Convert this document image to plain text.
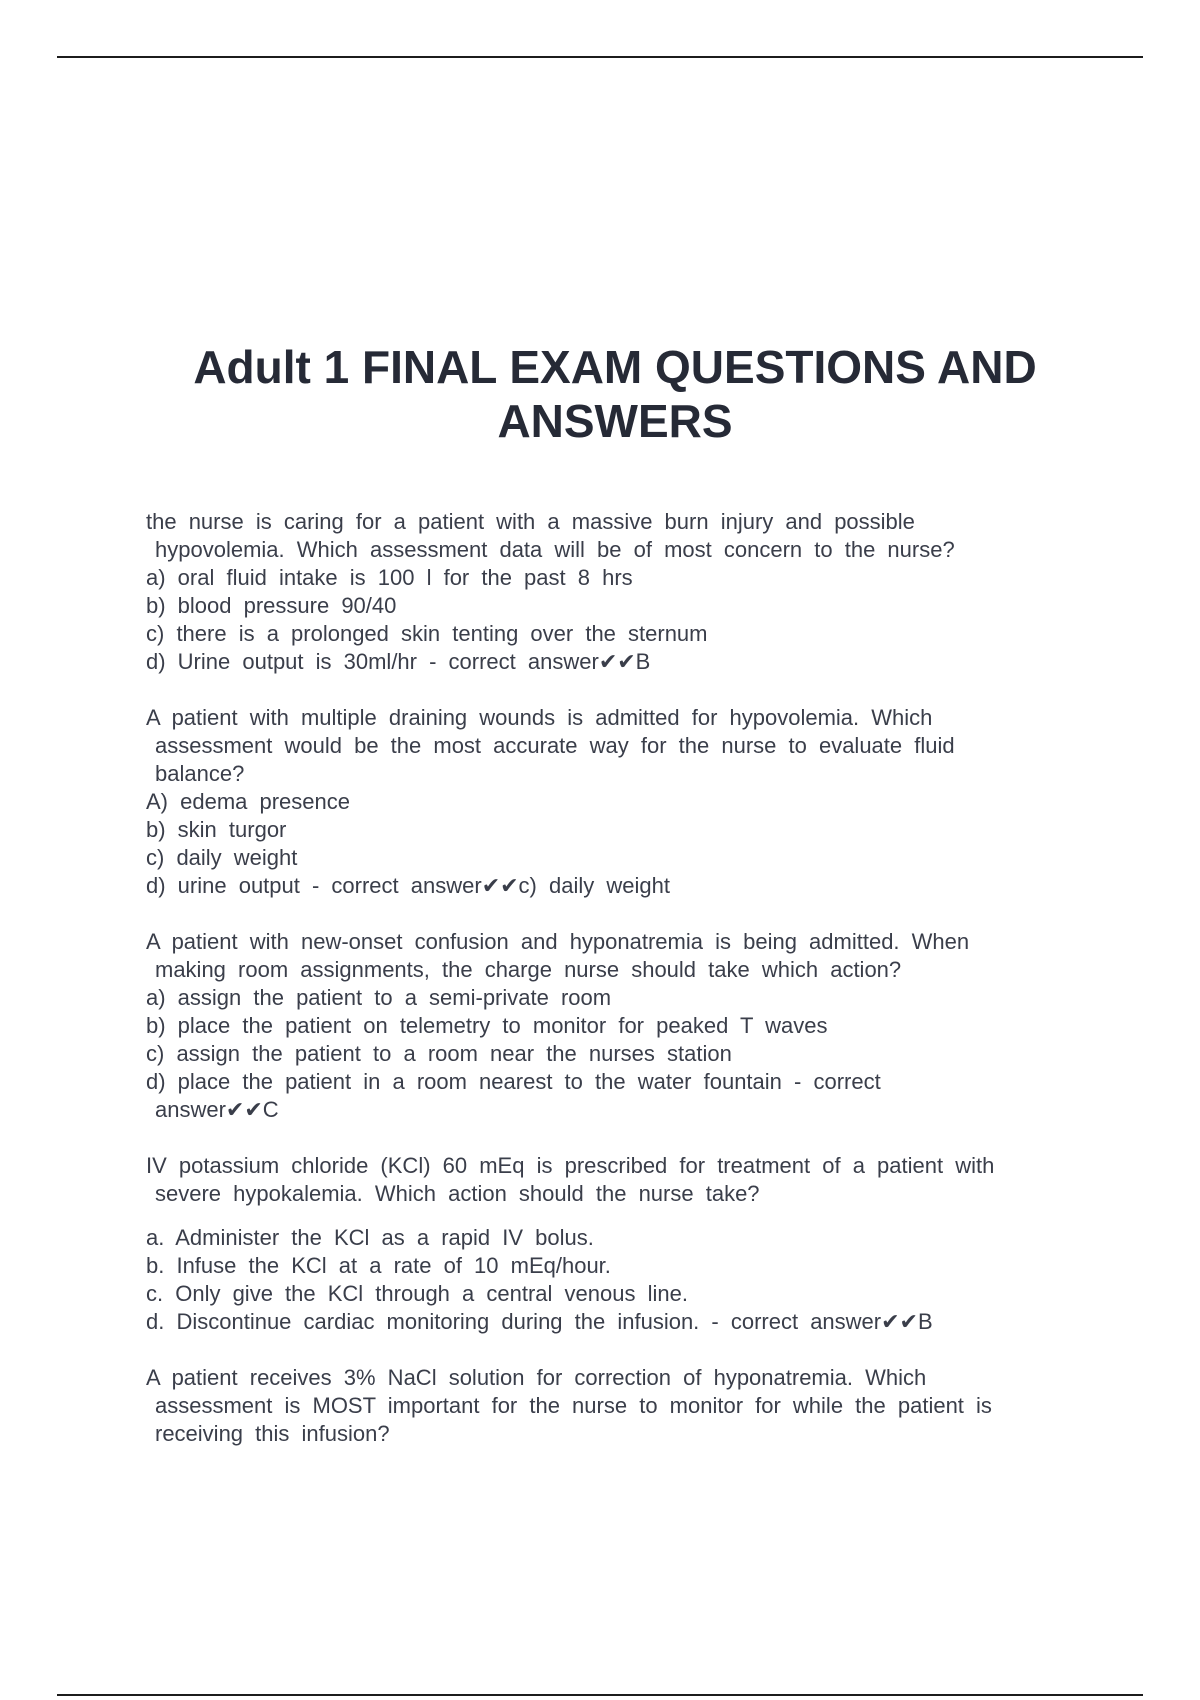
Adult 1 FINAL EXAM QUESTIONS AND
ANSWERS
the nurse is caring for a patient with a massive burn injury and possible
hypovolemia. Which assessment data will be of most concern to the nurse?
a) oral fluid intake is 100 l for the past 8 hrs
b) blood pressure 90/40
c) there is a prolonged skin tenting over the sternum
d) Urine output is 30ml/hr - correct answer✔✔B
A patient with multiple draining wounds is admitted for hypovolemia. Which
assessment would be the most accurate way for the nurse to evaluate fluid
balance?
A) edema presence
b) skin turgor
c) daily weight
d) urine output - correct answer✔✔c) daily weight
A patient with new-onset confusion and hyponatremia is being admitted. When
making room assignments, the charge nurse should take which action?
a) assign the patient to a semi-private room
b) place the patient on telemetry to monitor for peaked T waves
c) assign the patient to a room near the nurses station
d) place the patient in a room nearest to the water fountain - correct
answer✔✔C
IV potassium chloride (KCl) 60 mEq is prescribed for treatment of a patient with
severe hypokalemia. Which action should the nurse take?
a. Administer the KCl as a rapid IV bolus.
b. Infuse the KCl at a rate of 10 mEq/hour.
c. Only give the KCl through a central venous line.
d. Discontinue cardiac monitoring during the infusion. - correct answer✔✔B
A patient receives 3% NaCl solution for correction of hyponatremia. Which
assessment is MOST important for the nurse to monitor for while the patient is
receiving this infusion?
